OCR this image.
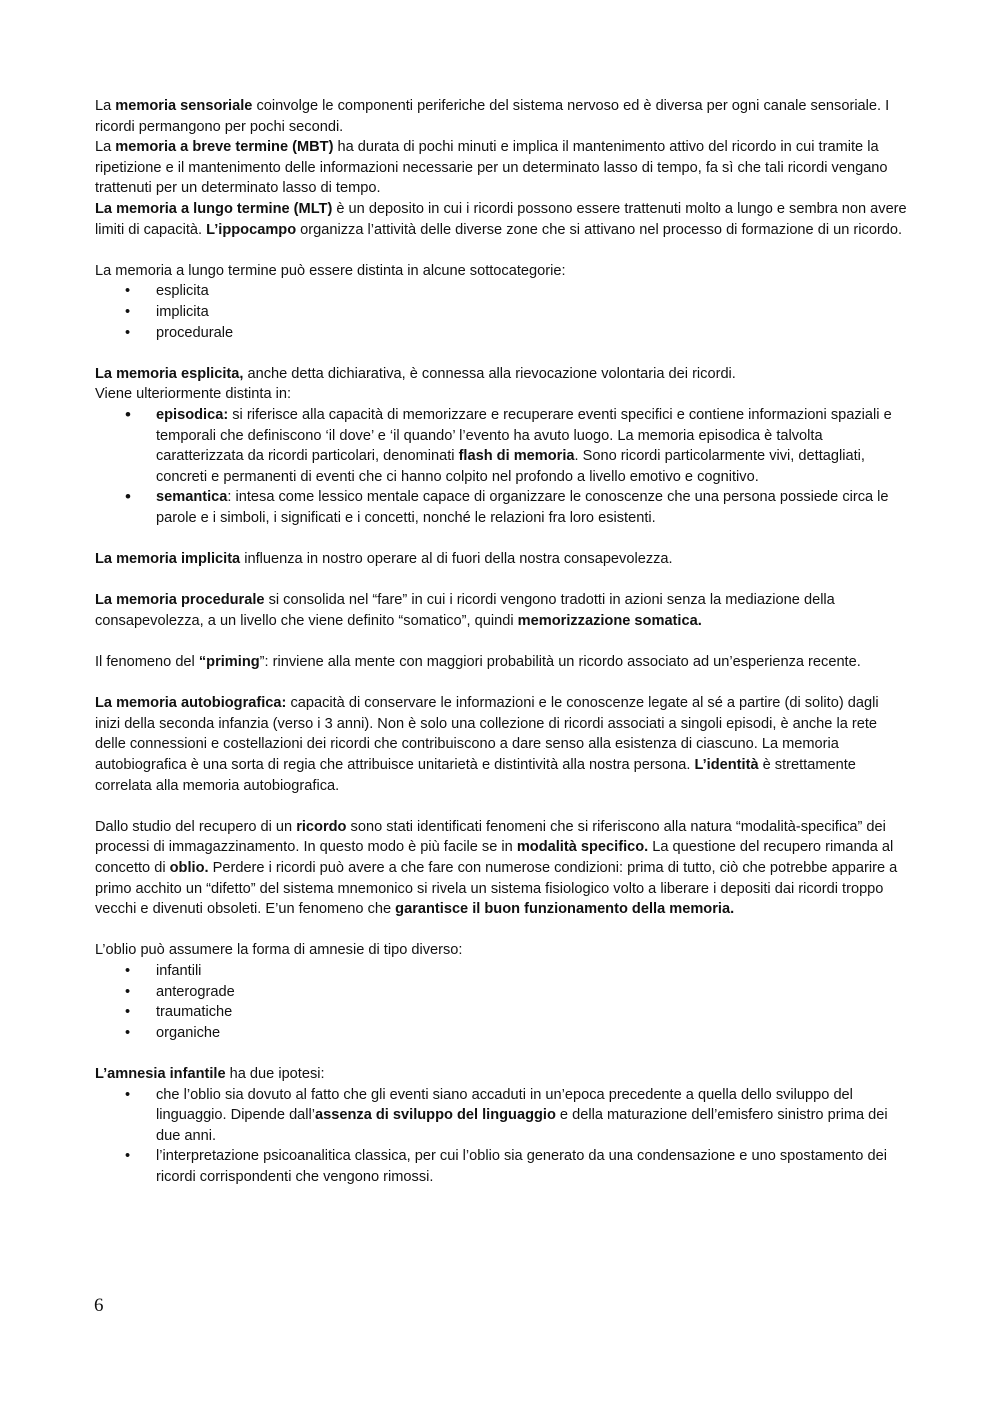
La memoria sensoriale coinvolge le componenti periferiche del sistema nervoso ed è diversa per ogni canale sensoriale. I ricordi permangono per pochi secondi.

La memoria a breve termine (MBT) ha durata di pochi minuti e implica il mantenimento attivo del ricordo in cui tramite la ripetizione e il mantenimento delle informazioni necessarie per un determinato lasso di tempo, fa sì che tali ricordi vengano trattenuti per un determinato lasso di tempo.

La memoria a lungo termine (MLT) è un deposito in cui i ricordi possono essere trattenuti molto a lungo e sembra non avere limiti di capacità. L’ippocampo organizza l’attività delle diverse zone che si attivano nel processo di formazione di un ricordo.

La memoria a lungo termine può essere distinta in alcune sottocategorie:

• esplicita
• implicita
• procedurale

La memoria esplicita, anche detta dichiarativa, è connessa alla rievocazione volontaria dei ricordi.

Viene ulteriormente distinta in:

• episodica: si riferisce alla capacità di memorizzare e recuperare eventi specifici e contiene informazioni spaziali e temporali che definiscono ‘il dove’ e ‘il quando’ l’evento ha avuto luogo. La memoria episodica è talvolta caratterizzata da ricordi particolari, denominati flash di memoria. Sono ricordi particolarmente vivi, dettagliati, concreti e permanenti di eventi che ci hanno colpito nel profondo a livello emotivo e cognitivo.
• semantica: intesa come lessico mentale capace di organizzare le conoscenze che una persona possiede circa le parole e i simboli, i significati e i concetti, nonché le relazioni fra loro esistenti.

La memoria implicita influenza in nostro operare al di fuori della nostra consapevolezza.

La memoria procedurale si consolida nel “fare” in cui i ricordi vengono tradotti in azioni senza la mediazione della consapevolezza, a un livello che viene definito “somatico”, quindi memorizzazione somatica.

Il fenomeno del “priming”: rinviene alla mente con maggiori probabilità un ricordo associato ad un’esperienza recente.

La memoria autobiografica: capacità di conservare le informazioni e le conoscenze legate al sé a partire (di solito) dagli inizi della seconda infanzia (verso i 3 anni). Non è solo una collezione di ricordi associati a singoli episodi, è anche la rete delle connessioni e costellazioni dei ricordi che contribuiscono a dare senso alla esistenza di ciascuno. La memoria autobiografica è una sorta di regia che attribuisce unitarietà e distintività alla nostra persona. L’identità è strettamente correlata alla memoria autobiografica.

Dallo studio del recupero di un ricordo sono stati identificati fenomeni che si riferiscono alla natura “modalità-specifica” dei processi di immagazzinamento. In questo modo è più facile se in modalità specifico. La questione del recupero rimanda al concetto di oblio. Perdere i ricordi può avere a che fare con numerose condizioni: prima di tutto, ciò che potrebbe apparire a primo acchito un “difetto” del sistema mnemonico si rivela un sistema fisiologico volto a liberare i depositi dai ricordi troppo vecchi e divenuti obsoleti. E’un fenomeno che garantisce il buon funzionamento della memoria.

L’oblio può assumere la forma di amnesie di tipo diverso:

• infantili
• anterograde
• traumatiche
• organiche

L’amnesia infantile ha due ipotesi:

• che l’oblio sia dovuto al fatto che gli eventi siano accaduti in un’epoca precedente a quella dello sviluppo del linguaggio. Dipende dall’assenza di sviluppo del linguaggio e della maturazione dell’emisfero sinistro prima dei due anni.
• l’interpretazione psicoanalitica classica, per cui l’oblio sia generato da una condensazione e uno spostamento dei ricordi corrispondenti che vengono rimossi.
6
